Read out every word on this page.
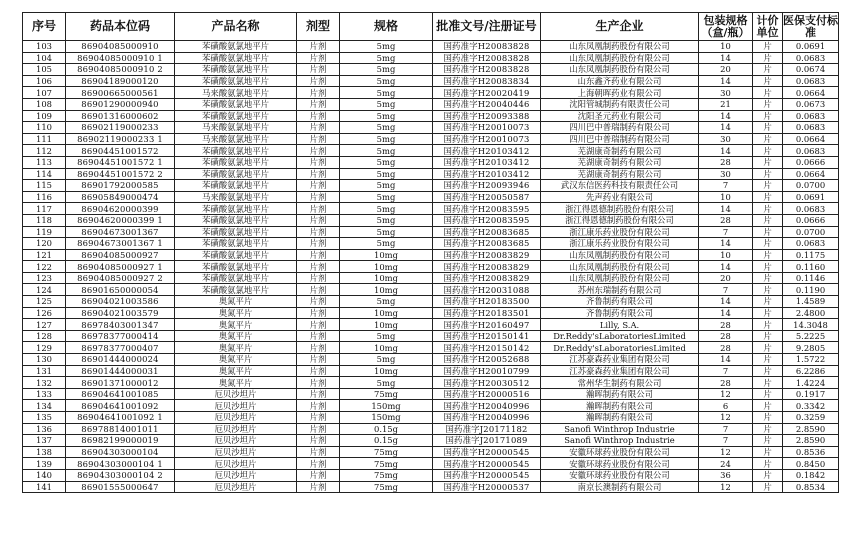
序号	药品本位码	产品名称	剂型	规格	批准文号/注册证号	生产企业	包装规格（盒/瓶）	计价单位	医保支付标准
103	86904085000910	苯磺酸氨氯地平片	片剂	5mg	国药准字H20083828	山东凤凰制药股份有限公司	10	片	0.0691
104	86904085000910 1	苯磺酸氨氯地平片	片剂	5mg	国药准字H20083828	山东凤凰制药股份有限公司	14	片	0.0683
105	86904085000910 2	苯磺酸氨氯地平片	片剂	5mg	国药准字H20083828	山东凤凰制药股份有限公司	20	片	0.0674
106	86904189000120	苯磺酸氨氯地平片	片剂	5mg	国药准字H20083834	山东鑫齐药业有限公司	14	片	0.0683
107	86900665000561	马来酸氨氯地平片	片剂	5mg	国药准字H20020419	上海朝晖药业有限公司	30	片	0.0664
108	86901290000940	苯磺酸氨氯地平片	片剂	5mg	国药准字H20040446	沈阳管城制药有限责任公司	21	片	0.0673
109	86901316000602	苯磺酸氨氯地平片	片剂	5mg	国药准字H20093388	沈阳圣元药业有限公司	14	片	0.0683
110	86902119000233	马来酸氨氯地平片	片剂	5mg	国药准字H20010073	四川巴中普瑞制药有限公司	14	片	0.0683
111	86902119000233 1	马来酸氨氯地平片	片剂	5mg	国药准字H20010073	四川巴中普瑞制药有限公司	30	片	0.0664
112	86904451001572	苯磺酸氨氯地平片	片剂	5mg	国药准字H20103412	芜湖康奇制药有限公司	14	片	0.0683
113	86904451001572 1	苯磺酸氨氯地平片	片剂	5mg	国药准字H20103412	芜湖康奇制药有限公司	28	片	0.0666
114	86904451001572 2	苯磺酸氨氯地平片	片剂	5mg	国药准字H20103412	芜湖康奇制药有限公司	30	片	0.0664
115	86901792000585	苯磺酸氨氯地平片	片剂	5mg	国药准字H20093946	武汉东信医药科技有限责任公司	7	片	0.0700
116	86905849000474	马来酸氨氯地平片	片剂	5mg	国药准字H20050587	先声药业有限公司	10	片	0.0691
117	86904620000399	苯磺酸氨氯地平片	片剂	5mg	国药准字H20083595	浙江得恩德制药股份有限公司	14	片	0.0683
118	86904620000399 1	苯磺酸氨氯地平片	片剂	5mg	国药准字H20083595	浙江得恩德制药股份有限公司	28	片	0.0666
119	86904673001367	苯磺酸氨氯地平片	片剂	5mg	国药准字H20083685	浙江康乐药业股份有限公司	7	片	0.0700
120	86904673001367 1	苯磺酸氨氯地平片	片剂	5mg	国药准字H20083685	浙江康乐药业股份有限公司	14	片	0.0683
121	86904085000927	苯磺酸氨氯地平片	片剂	10mg	国药准字H20083829	山东凤凰制药股份有限公司	10	片	0.1175
122	86904085000927 1	苯磺酸氨氯地平片	片剂	10mg	国药准字H20083829	山东凤凰制药股份有限公司	14	片	0.1160
123	86904085000927 2	苯磺酸氨氯地平片	片剂	10mg	国药准字H20083829	山东凤凰制药股份有限公司	20	片	0.1146
124	86901650000054	苯磺酸氨氯地平片	片剂	10mg	国药准字H20031088	苏州东瑞制药有限公司	7	片	0.1190
125	86904021003586	奥氮平片	片剂	5mg	国药准字H20183500	齐鲁制药有限公司	14	片	1.4589
126	86904021003579	奥氮平片	片剂	10mg	国药准字H20183501	齐鲁制药有限公司	14	片	2.4800
127	86978403001347	奥氮平片	片剂	10mg	国药准字H20160497	Lilly, S.A.	28	片	14.3048
128	86978377000414	奥氮平片	片剂	5mg	国药准字H20150141	Dr.Reddy'sLaboratoriesLimited	28	片	5.2225
129	86978377000407	奥氮平片	片剂	10mg	国药准字H20150142	Dr.Reddy'sLaboratoriesLimited	28	片	9.2805
130	86901444000024	奥氮平片	片剂	5mg	国药准字H20052688	江苏豪森药业集团有限公司	14	片	1.5722
131	86901444000031	奥氮平片	片剂	10mg	国药准字H20010799	江苏豪森药业集团有限公司	7	片	6.2286
132	86901371000012	奥氮平片	片剂	5mg	国药准字H20030512	常州华生制药有限公司	28	片	1.4224
133	86904641001085	厄贝沙坦片	片剂	75mg	国药准字H20000516	瀚晖制药有限公司	12	片	0.1917
134	86904641001092	厄贝沙坦片	片剂	150mg	国药准字H20040996	瀚晖制药有限公司	6	片	0.3342
135	86904641001092 1	厄贝沙坦片	片剂	150mg	国药准字H20040996	瀚晖制药有限公司	12	片	0.3259
136	86978814001011	厄贝沙坦片	片剂	0.15g	国药准字J20171182	Sanofi Winthrop Industrie	7	片	2.8590
137	86982199000019	厄贝沙坦片	片剂	0.15g	国药准字J20171089	Sanofi Winthrop Industrie	7	片	2.8590
138	86904303000104	厄贝沙坦片	片剂	75mg	国药准字H20000545	安徽环球药业股份有限公司	12	片	0.8536
139	86904303000104 1	厄贝沙坦片	片剂	75mg	国药准字H20000545	安徽环球药业股份有限公司	24	片	0.8450
140	86904303000104 2	厄贝沙坦片	片剂	75mg	国药准字H20000545	安徽环球药业股份有限公司	36	片	0.1842
141	86901555000647	厄贝沙坦片	片剂	75mg	国药准字H20000537	南京长澳制药有限公司	12	片	0.8534
